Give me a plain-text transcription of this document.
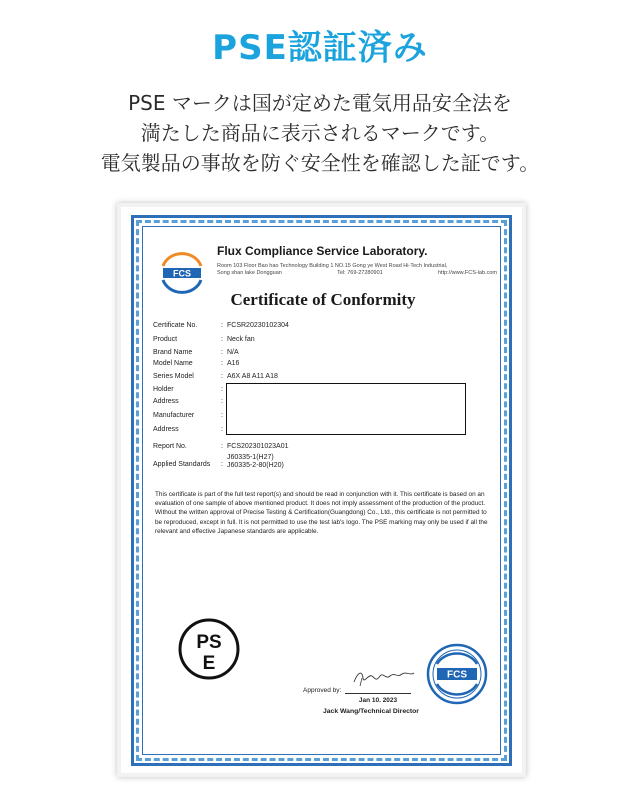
PSE認証済み
PSE マークは国が定めた電気用品安全法を
満たした商品に表示されるマークです。
電気製品の事故を防ぐ安全性を確認した証です。
FCS
Flux Compliance Service Laboratory.
Room 103 Floor Bao hao Technology Building 1 NO.15 Gong ye West Road Hi-Tech Industrial,
Song shan lake Dongguan	Tel: 769-27280901	http://www.FCS-lab.com
Certificate of Conformity
Certificate No.	: FCSR20230102304
Product	: Neck fan
Brand Name	: N/A
Model Name	: A16
Series Model	: A6X A8 A11 A18
Holder	:
Address	:
Manufacturer	:
Address	:
Report No.	: FCS202301023A01
Applied Standards :
J60335-1(H27)
J60335-2-80(H20)
This certificate is part of the full test report(s) and should be read in conjunction with it. This certificate is based on an evaluation of one sample of above mentioned product. It does not imply assessment of the production of the product. Without the written approval of Precise Testing & Certification(Guangdong) Co., Ltd., this certificate is not permitted to be reproduced, except in full. It is not permitted to use the test lab's logo. The PSE marking may only be used if all the relevant and effective Japanese standards are applicable.
PS
E
Approved by:
Jan 10. 2023
Jack Wang/Technical Director
FCS
